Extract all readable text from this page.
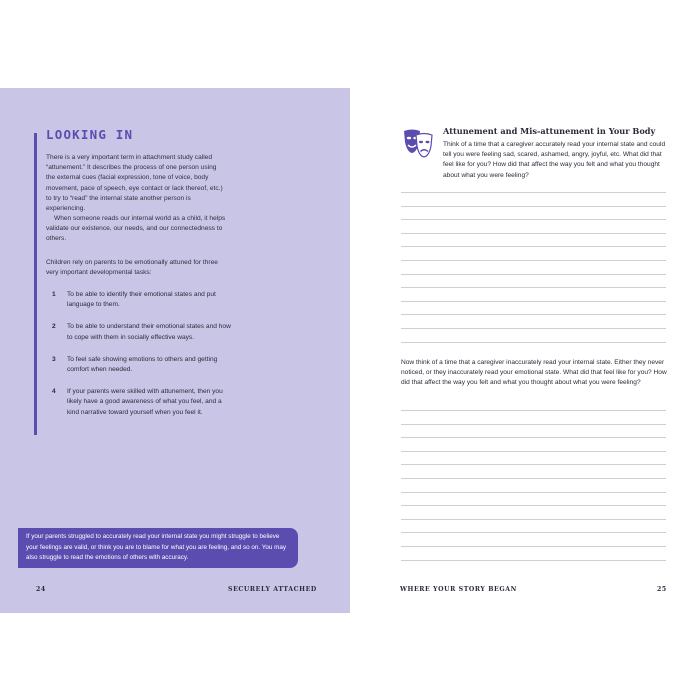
LOOKING IN

There is a very important term in attachment study called “attunement.” It describes the process of one person using the external cues (facial expression, tone of voice, body movement, pace of speech, eye contact or lack thereof, etc.) to try to “read” the internal state another person is experiencing.

When someone reads our internal world as a child, it helps validate our existence, our needs, and our connectedness to others.

Children rely on parents to be emotionally attuned for three very important developmental tasks:

1 To be able to identify their emotional states and put language to them.
2 To be able to understand their emotional states and how to cope with them in socially effective ways.
3 To feel safe showing emotions to others and getting comfort when needed.
4 If your parents were skilled with attunement, then you likely have a good awareness of what you feel, and a kind narrative toward yourself when you feel it.
If your parents struggled to accurately read your internal state you might struggle to believe your feelings are valid, or think you are to blame for what you are feeling, and so on. You may also struggle to read the emotions of others with accuracy.
24	SECURELY ATTACHED
Attunement and Mis-attunement in Your Body

Think of a time that a caregiver accurately read your internal state and could tell you were feeling sad, scared, ashamed, angry, joyful, etc. What did that feel like for you? How did that affect the way you felt and what you thought about what you were feeling?

Now think of a time that a caregiver inaccurately read your internal state. Either they never noticed, or they inaccurately read your emotional state. What did that feel like for you? How did that affect the way you felt and what you thought about what you were feeling?

WHERE YOUR STORY BEGAN	25
